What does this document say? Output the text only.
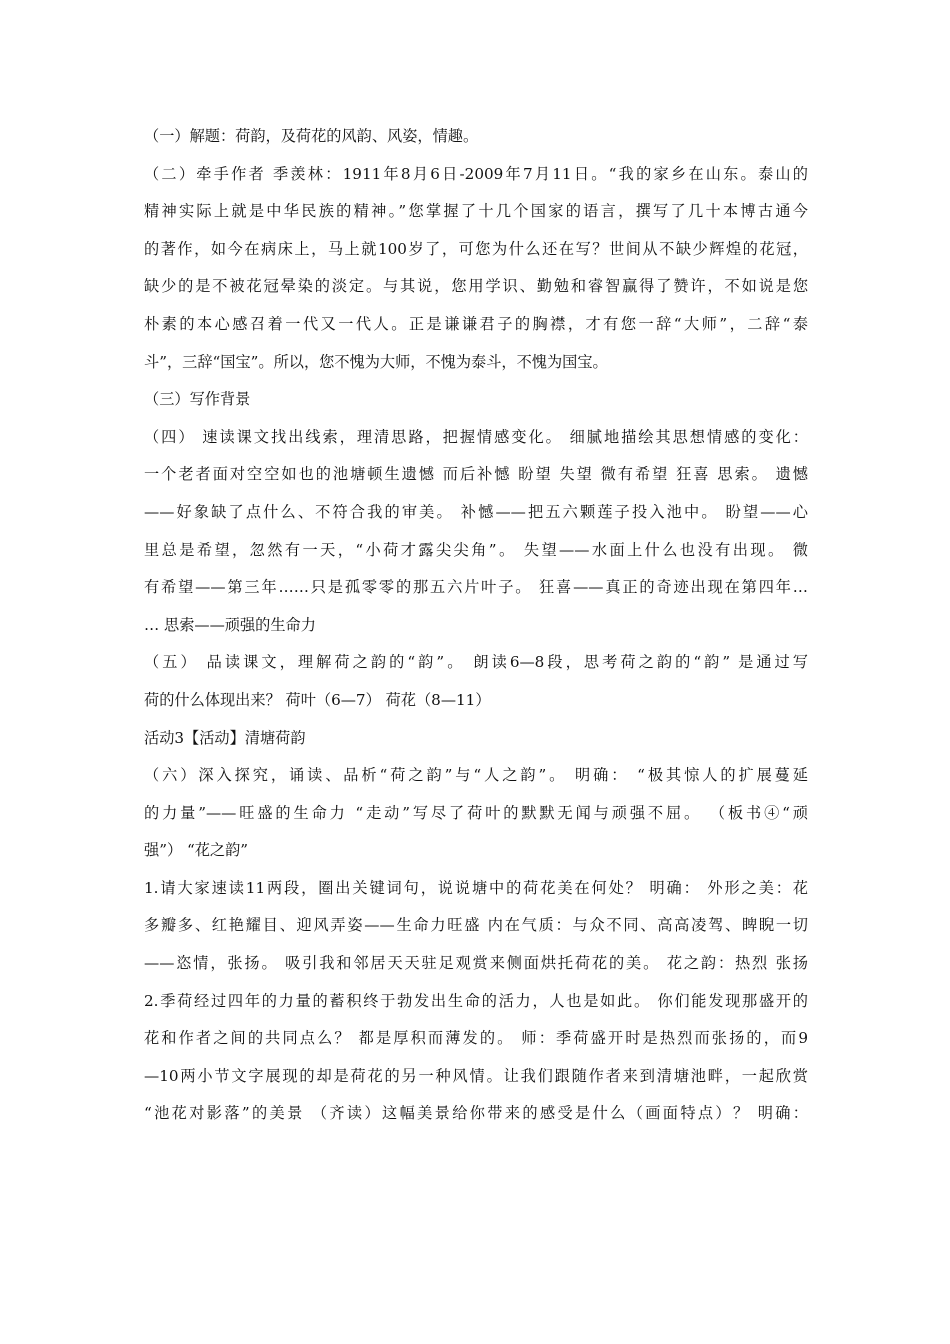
（一）解题：荷韵，及荷花的风韵、风姿，情趣。
（二）牵手作者 季羡林：1911年8月6日-2009年7月11日。“我的家乡在山东。泰山的
精神实际上就是中华民族的精神。”您掌握了十几个国家的语言，撰写了几十本博古通今
的著作，如今在病床上，马上就100岁了，可您为什么还在写？世间从不缺少辉煌的花冠，
缺少的是不被花冠晕染的淡定。与其说，您用学识、勤勉和睿智赢得了赞许，不如说是您
朴素的本心感召着一代又一代人。正是谦谦君子的胸襟，才有您一辞“大师”，二辞“泰
斗”，三辞“国宝”。所以，您不愧为大师，不愧为泰斗，不愧为国宝。
（三）写作背景
（四） 速读课文找出线索，理清思路，把握情感变化。 细腻地描绘其思想情感的变化：
一个老者面对空空如也的池塘顿生遗憾 而后补憾 盼望 失望 微有希望 狂喜 思索。 遗憾
——好象缺了点什么、不符合我的审美。 补憾——把五六颗莲子投入池中。 盼望——心
里总是希望，忽然有一天，“小荷才露尖尖角”。 失望——水面上什么也没有出现。 微
有希望——第三年……只是孤零零的那五六片叶子。 狂喜——真正的奇迹出现在第四年…
… 思索——顽强的生命力
（五） 品读课文，理解荷之韵的“韵”。 朗读6—8段，思考荷之韵的“韵” 是通过写
荷的什么体现出来？ 荷叶（6—7） 荷花（8—11）
活动3【活动】清塘荷韵
（六）深入探究，诵读、品析“荷之韵”与“人之韵”。 明确： “极其惊人的扩展蔓延
的力量”——旺盛的生命力 “走动”写尽了荷叶的默默无闻与顽强不屈。 （板书④“顽
强”） “花之韵”
1.请大家速读11两段，圈出关键词句，说说塘中的荷花美在何处？ 明确： 外形之美：花
多瓣多、红艳耀目、迎风弄姿——生命力旺盛 内在气质：与众不同、高高凌驾、睥睨一切
——恣情，张扬。 吸引我和邻居天天驻足观赏来侧面烘托荷花的美。 花之韵：热烈 张扬
2.季荷经过四年的力量的蓄积终于勃发出生命的活力，人也是如此。 你们能发现那盛开的
花和作者之间的共同点么？ 都是厚积而薄发的。 师：季荷盛开时是热烈而张扬的，而9
—10两小节文字展现的却是荷花的另一种风情。让我们跟随作者来到清塘池畔，一起欣赏
“池花对影落”的美景 （齐读）这幅美景给你带来的感受是什么（画面特点）？ 明确：
